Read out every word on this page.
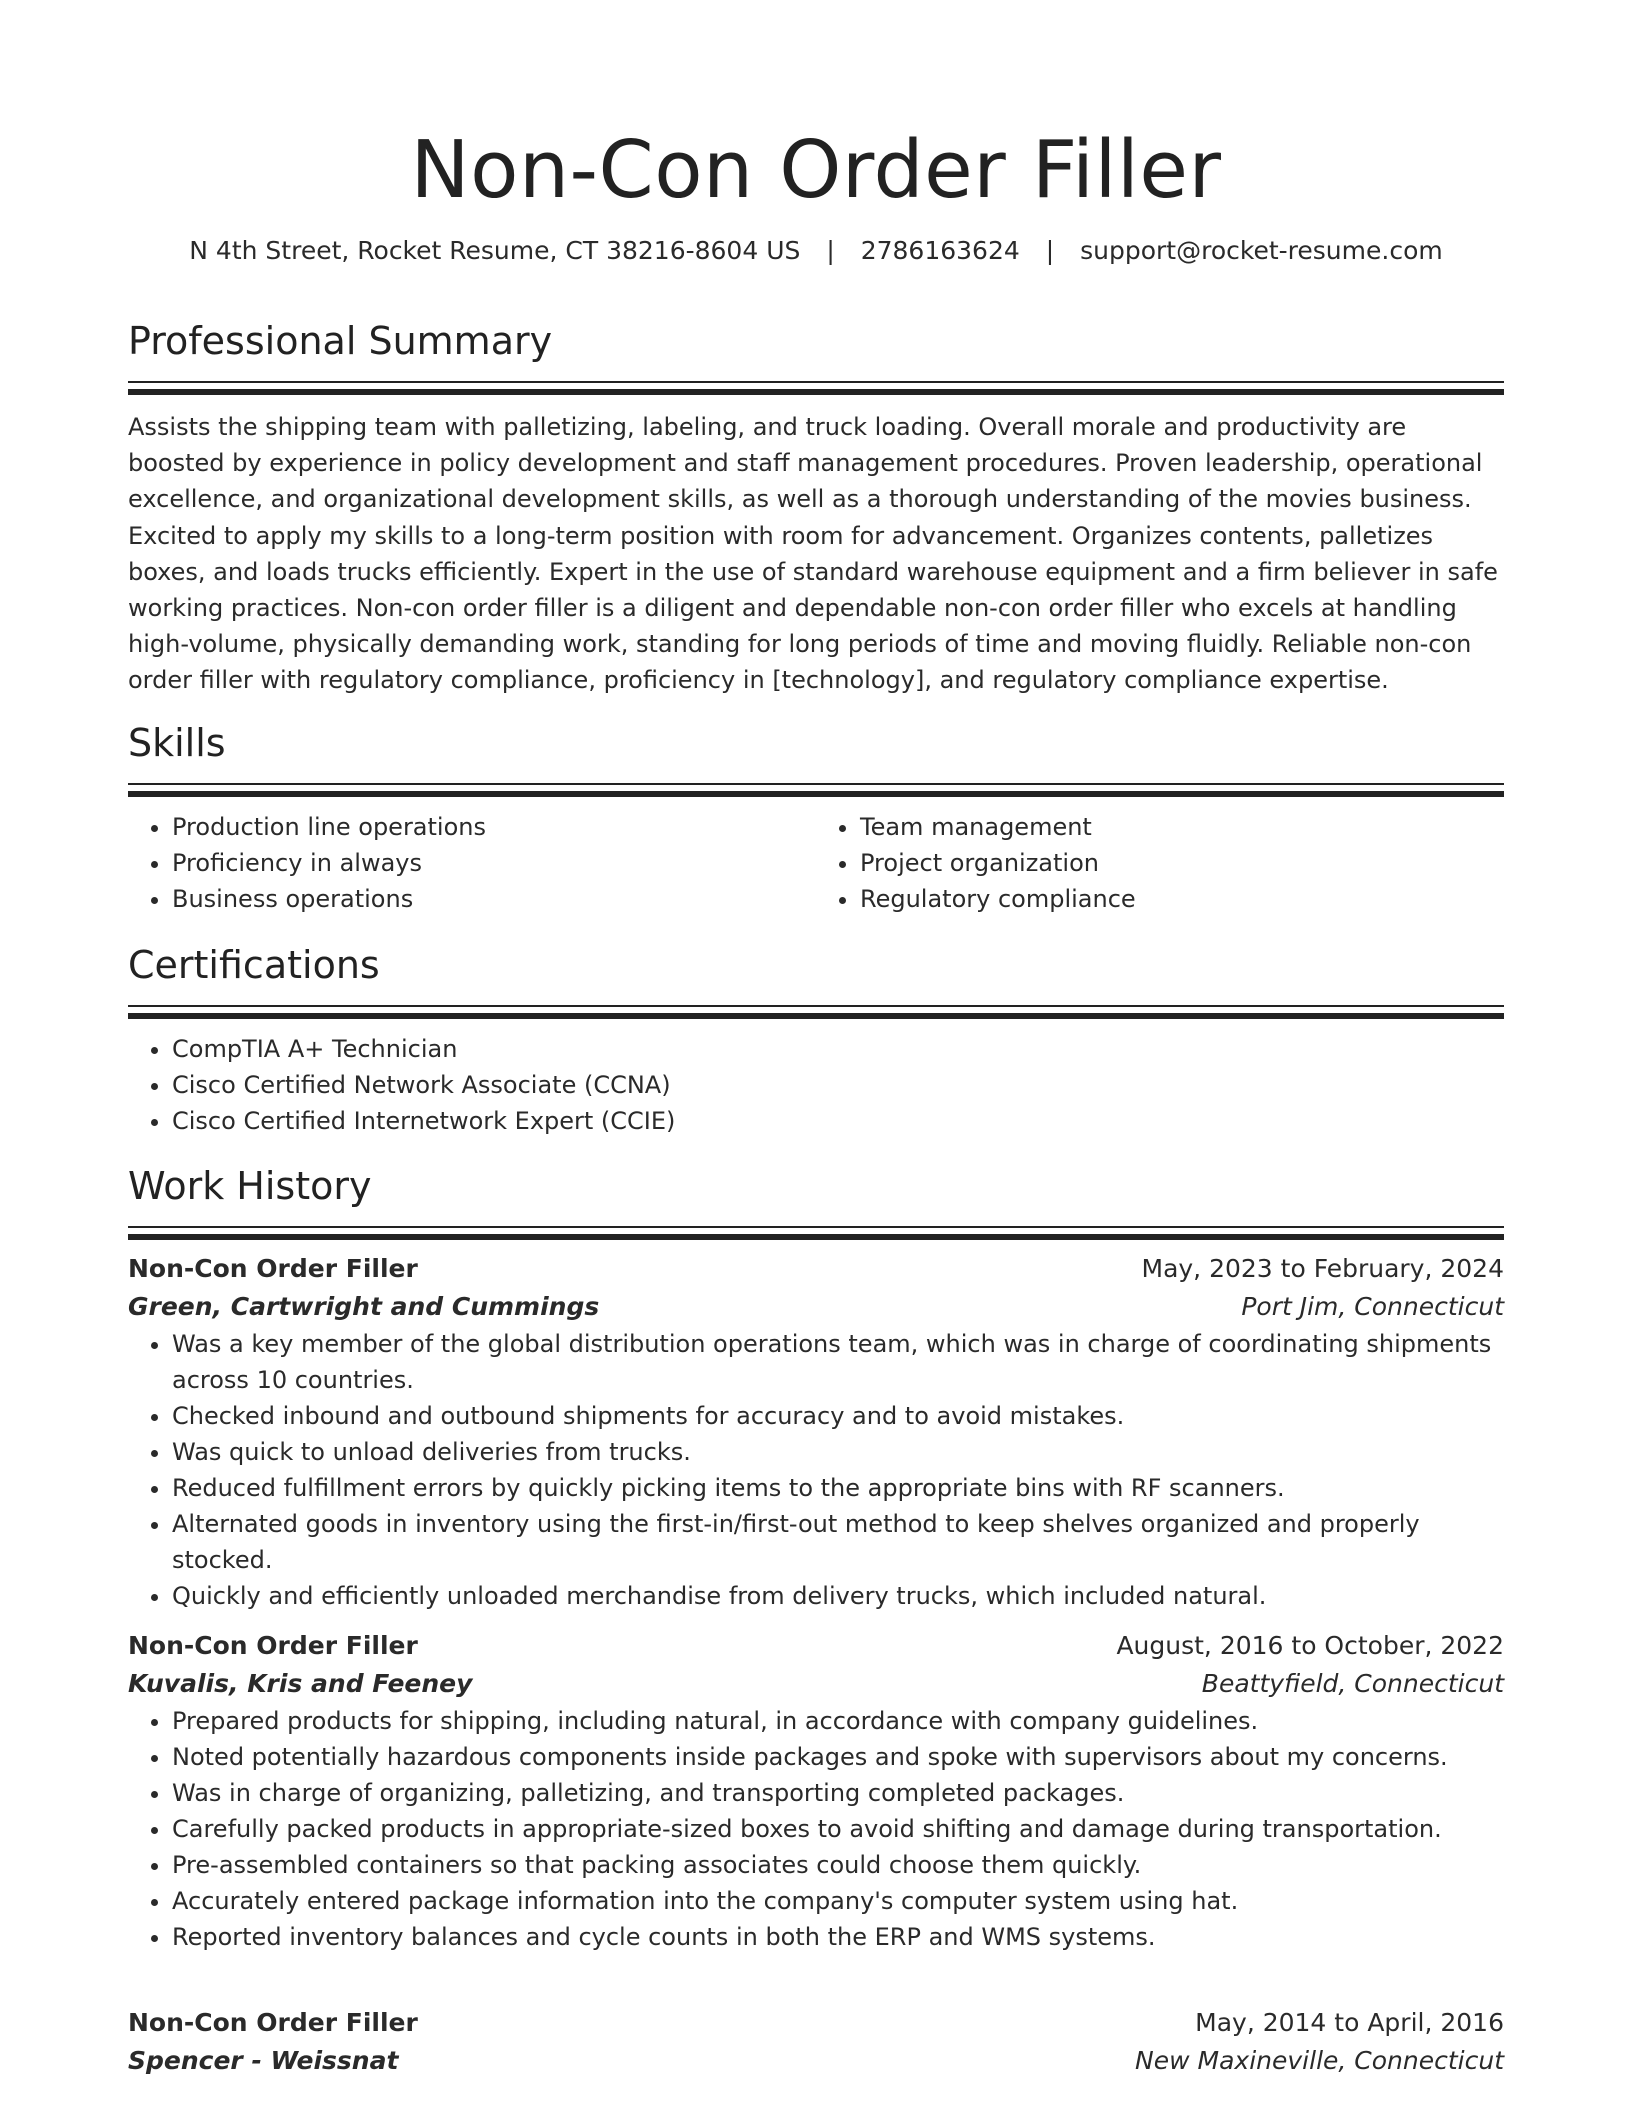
Non-Con Order Filler
N 4th Street, Rocket Resume, CT 38216-8604 US | 2786163624 | support@rocket-resume.com
Professional Summary
Assists the shipping team with palletizing, labeling, and truck loading. Overall morale and productivity are boosted by experience in policy development and staff management procedures. Proven leadership, operational excellence, and organizational development skills, as well as a thorough understanding of the movies business. Excited to apply my skills to a long-term position with room for advancement. Organizes contents, palletizes boxes, and loads trucks efficiently. Expert in the use of standard warehouse equipment and a firm believer in safe working practices. Non-con order filler is a diligent and dependable non-con order filler who excels at handling high-volume, physically demanding work, standing for long periods of time and moving fluidly. Reliable non-con order filler with regulatory compliance, proficiency in [technology], and regulatory compliance expertise.
Skills
• Production line operations
• Proficiency in always
• Business operations
• Team management
• Project organization
• Regulatory compliance
Certifications
• CompTIA A+ Technician
• Cisco Certified Network Associate (CCNA)
• Cisco Certified Internetwork Expert (CCIE)
Work History
Non-Con Order Filler	May, 2023 to February, 2024
Green, Cartwright and Cummings	Port Jim, Connecticut
• Was a key member of the global distribution operations team, which was in charge of coordinating shipments across 10 countries.
• Checked inbound and outbound shipments for accuracy and to avoid mistakes.
• Was quick to unload deliveries from trucks.
• Reduced fulfillment errors by quickly picking items to the appropriate bins with RF scanners.
• Alternated goods in inventory using the first-in/first-out method to keep shelves organized and properly stocked.
• Quickly and efficiently unloaded merchandise from delivery trucks, which included natural.
Non-Con Order Filler	August, 2016 to October, 2022
Kuvalis, Kris and Feeney	Beattyfield, Connecticut
• Prepared products for shipping, including natural, in accordance with company guidelines.
• Noted potentially hazardous components inside packages and spoke with supervisors about my concerns.
• Was in charge of organizing, palletizing, and transporting completed packages.
• Carefully packed products in appropriate-sized boxes to avoid shifting and damage during transportation.
• Pre-assembled containers so that packing associates could choose them quickly.
• Accurately entered package information into the company's computer system using hat.
• Reported inventory balances and cycle counts in both the ERP and WMS systems.
Non-Con Order Filler	May, 2014 to April, 2016
Spencer - Weissnat	New Maxineville, Connecticut
